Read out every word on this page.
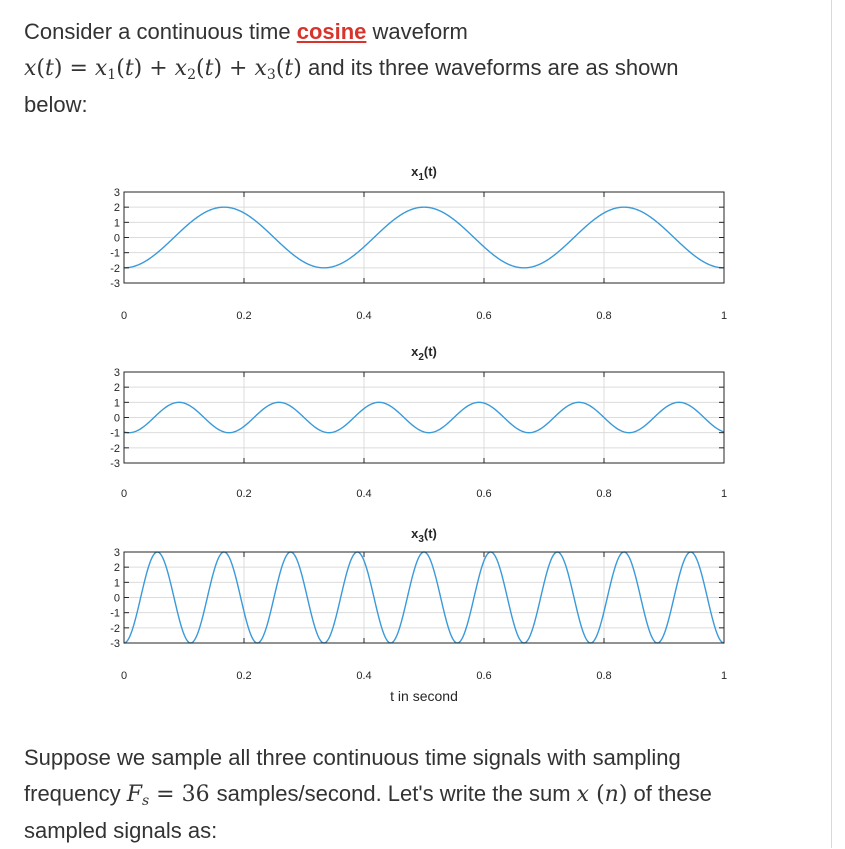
Consider a continuous time cosine waveform
$x(t) = x_1(t) + x_2(t) + x_3(t)$ and its three waveforms are as shown
below:
3
2
1
0
-1
-2
-3
0	0.2	0.4	0.6	0.8	1
$x_1(t)$
3
2
1
0
-1
-2
-3
0	0.2	0.4	0.6	0.8	1
$x_2(t)$
3
2
1
0
-1
-2
-3
0	0.2	0.4	0.6	0.8	1
$x_3(t)$
t in second
Suppose we sample all three continuous time signals with sampling
frequency $F_s = 36$ samples/second. Let's write the sum x (n) of these
sampled signals as:
